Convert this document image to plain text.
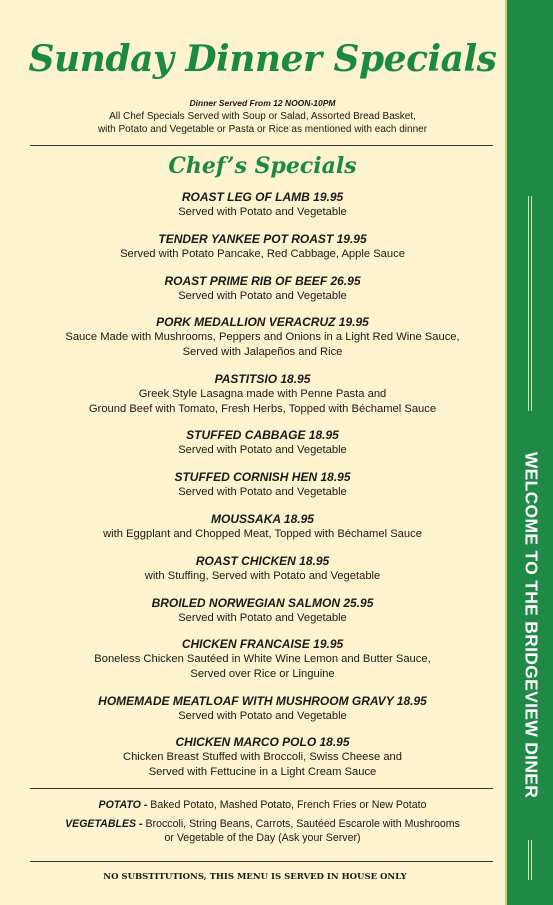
Sunday Dinner Specials
Dinner Served From 12 NOON-10PM
All Chef Specials Served with Soup or Salad, Assorted Bread Basket,
with Potato and Vegetable or Pasta or Rice as mentioned with each dinner
Chef’s Specials
ROAST LEG OF LAMB 19.95
Served with Potato and Vegetable
TENDER YANKEE POT ROAST 19.95
Served with Potato Pancake, Red Cabbage, Apple Sauce
ROAST PRIME RIB OF BEEF 26.95
Served with Potato and Vegetable
PORK MEDALLION VERACRUZ 19.95
Sauce Made with Mushrooms, Peppers and Onions in a Light Red Wine Sauce,
Served with Jalapeños and Rice
PASTITSIO 18.95
Greek Style Lasagna made with Penne Pasta and
Ground Beef with Tomato, Fresh Herbs, Topped with Béchamel Sauce
STUFFED CABBAGE 18.95
Served with Potato and Vegetable
STUFFED CORNISH HEN 18.95
Served with Potato and Vegetable
MOUSSAKA 18.95
with Eggplant and Chopped Meat, Topped with Béchamel Sauce
ROAST CHICKEN 18.95
with Stuffing, Served with Potato and Vegetable
BROILED NORWEGIAN SALMON 25.95
Served with Potato and Vegetable
CHICKEN FRANCAISE 19.95
Boneless Chicken Sautéed in White Wine Lemon and Butter Sauce,
Served over Rice or Linguine
HOMEMADE MEATLOAF WITH MUSHROOM GRAVY 18.95
Served with Potato and Vegetable
CHICKEN MARCO POLO 18.95
Chicken Breast Stuffed with Broccoli, Swiss Cheese and
Served with Fettucine in a Light Cream Sauce
POTATO - Baked Potato, Mashed Potato, French Fries or New Potato
VEGETABLES - Broccoli, String Beans, Carrots, Sautéed Escarole with Mushrooms
or Vegetable of the Day (Ask your Server)
NO SUBSTITUTIONS, THIS MENU IS SERVED IN HOUSE ONLY
WELCOME TO THE BRIDGEVIEW DINER
